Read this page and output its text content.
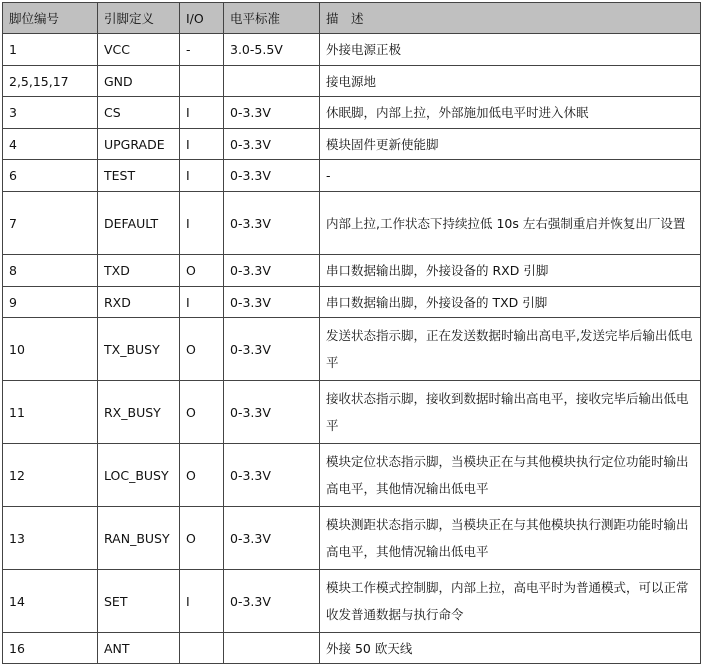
脚位编号	引脚定义	I/O	电平标准	描　述
1	VCC	-	3.0-5.5V	外接电源正极
2,5,15,17	GND			接电源地
3	CS	I	0-3.3V	休眠脚，内部上拉，外部施加低电平时进入休眠
4	UPGRADE	I	0-3.3V	模块固件更新使能脚
6	TEST	I	0-3.3V	-
7	DEFAULT	I	0-3.3V	内部上拉,工作状态下持续拉低 10s 左右强制重启并恢复出厂设置
8	TXD	O	0-3.3V	串口数据输出脚，外接设备的 RXD 引脚
9	RXD	I	0-3.3V	串口数据输出脚，外接设备的 TXD 引脚
10	TX_BUSY	O	0-3.3V	发送状态指示脚，正在发送数据时输出高电平,发送完毕后输出低电平
11	RX_BUSY	O	0-3.3V	接收状态指示脚，接收到数据时输出高电平，接收完毕后输出低电平
12	LOC_BUSY	O	0-3.3V	模块定位状态指示脚，当模块正在与其他模块执行定位功能时输出高电平，其他情况输出低电平
13	RAN_BUSY	O	0-3.3V	模块测距状态指示脚，当模块正在与其他模块执行测距功能时输出高电平，其他情况输出低电平
14	SET	I	0-3.3V	模块工作模式控制脚，内部上拉，高电平时为普通模式，可以正常收发普通数据与执行命令
16	ANT			外接 50 欧天线
